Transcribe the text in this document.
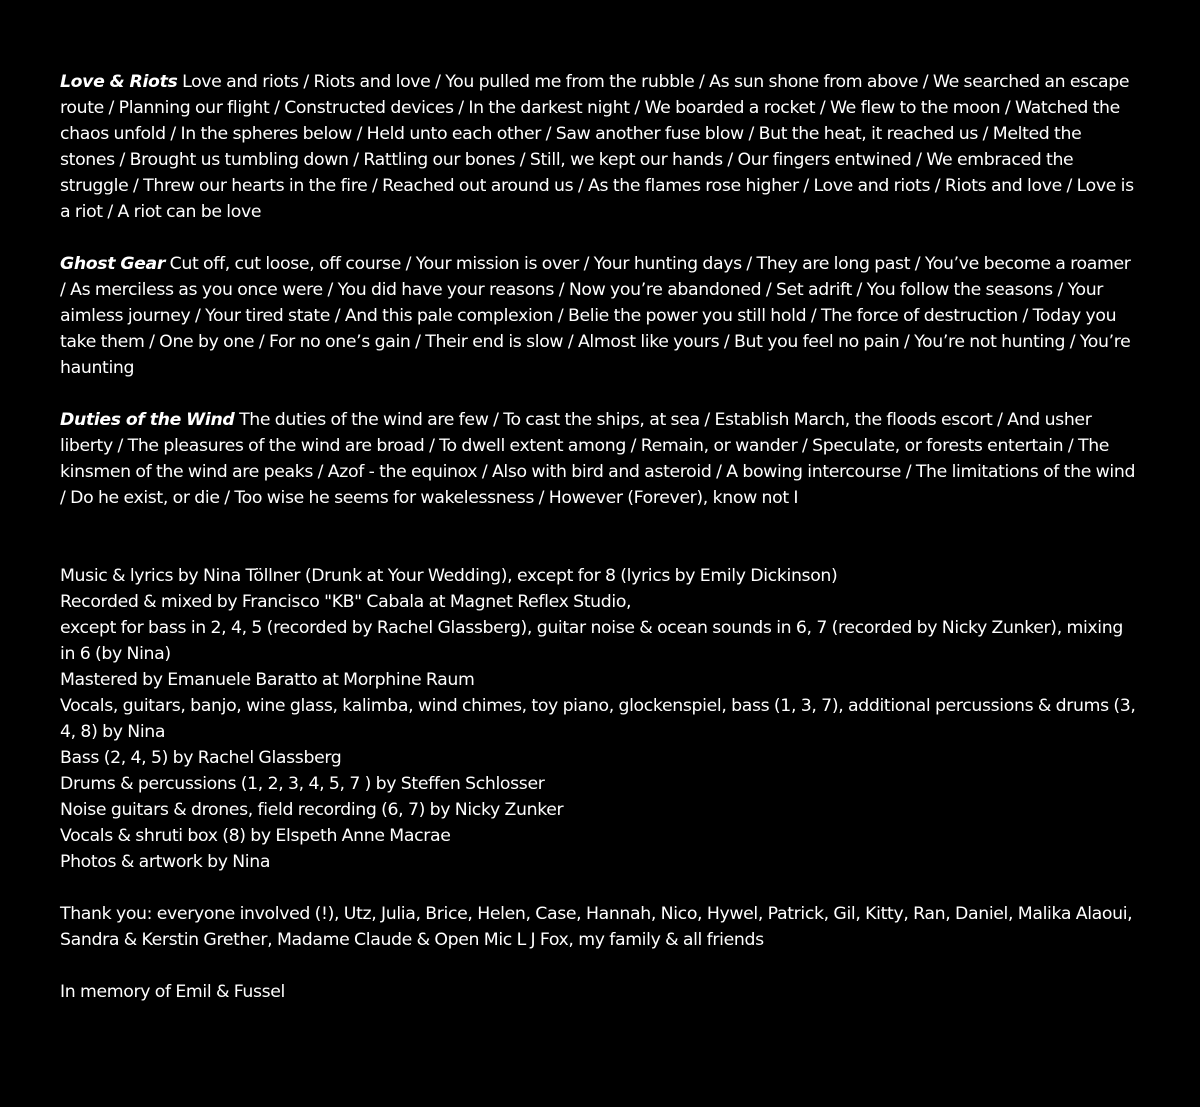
Love & Riots Love and riots / Riots and love / You pulled me from the rubble / As sun shone from above / We searched an escape route / Planning our flight / Constructed devices / In the darkest night / We boarded a rocket / We flew to the moon / Watched the chaos unfold / In the spheres below / Held unto each other / Saw another fuse blow / But the heat, it reached us / Melted the stones / Brought us tumbling down / Rattling our bones / Still, we kept our hands / Our fingers entwined / We embraced the struggle / Threw our hearts in the fire / Reached out around us / As the flames rose higher / Love and riots / Riots and love / Love is a riot / A riot can be love

Ghost Gear Cut off, cut loose, off course / Your mission is over / Your hunting days / They are long past / You’ve become a roamer / As merciless as you once were / You did have your reasons / Now you’re abandoned / Set adrift / You follow the seasons / Your aimless journey / Your tired state / And this pale complexion / Belie the power you still hold / The force of destruction / Today you take them / One by one / For no one’s gain / Their end is slow / Almost like yours / But you feel no pain / You’re not hunting / You’re haunting

Duties of the Wind The duties of the wind are few / To cast the ships, at sea / Establish March, the floods escort / And usher liberty / The pleasures of the wind are broad / To dwell extent among / Remain, or wander / Speculate, or forests entertain / The kinsmen of the wind are peaks / Azof - the equinox / Also with bird and asteroid / A bowing intercourse / The limitations of the wind / Do he exist, or die / Too wise he seems for wakelessness / However (Forever), know not I

Music & lyrics by Nina Töllner (Drunk at Your Wedding), except for 8 (lyrics by Emily Dickinson)
Recorded & mixed by Francisco "KB" Cabala at Magnet Reflex Studio,
except for bass in 2, 4, 5 (recorded by Rachel Glassberg), guitar noise & ocean sounds in 6, 7 (recorded by Nicky Zunker), mixing in 6 (by Nina)
Mastered by Emanuele Baratto at Morphine Raum
Vocals, guitars, banjo, wine glass, kalimba, wind chimes, toy piano, glockenspiel, bass (1, 3, 7), additional percussions & drums (3, 4, 8) by Nina
Bass (2, 4, 5) by Rachel Glassberg
Drums & percussions (1, 2, 3, 4, 5, 7 ) by Steffen Schlosser
Noise guitars & drones, field recording (6, 7) by Nicky Zunker
Vocals & shruti box (8) by Elspeth Anne Macrae
Photos & artwork by Nina
Thank you: everyone involved (!), Utz, Julia, Brice, Helen, Case, Hannah, Nico, Hywel, Patrick, Gil, Kitty, Ran, Daniel, Malika Alaoui, Sandra & Kerstin Grether, Madame Claude & Open Mic L J Fox, my family & all friends
In memory of Emil & Fussel
